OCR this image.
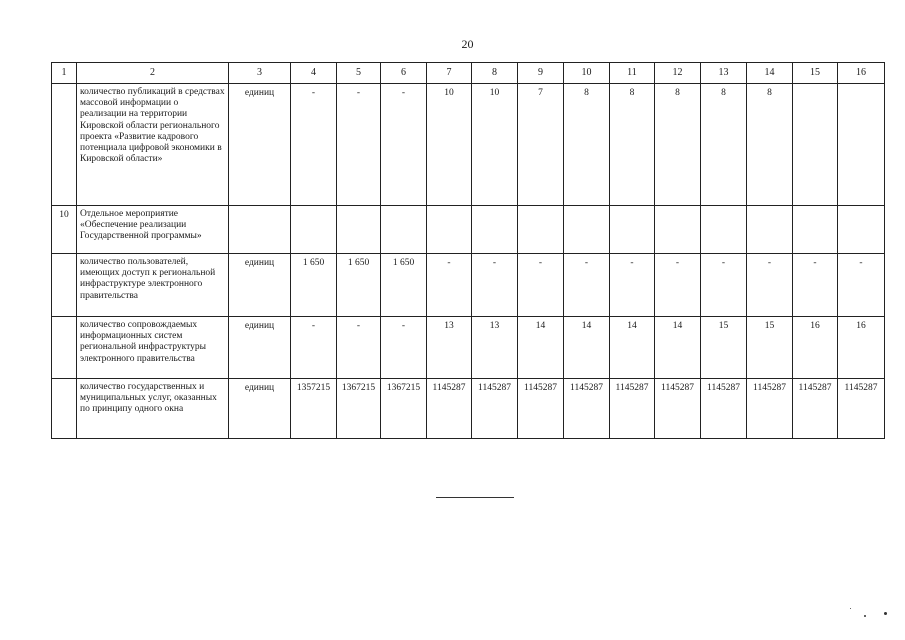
20
1	2	3	4	5	6	7	8	9	10	11	12	13	14	15	16
	количество публикаций в средствах массовой информации о реализации на территории Кировской области регионального проекта «Развитие кадрового потенциала цифровой экономики в Кировской области»	единиц	-	-	-	10	10	7	8	8	8	8	8		
10	Отдельное мероприятие «Обеспечение реализации Государственной программы»														
	количество пользователей, имеющих доступ к региональной инфраструктуре электронного правительства	единиц	1 650	1 650	1 650	-	-	-	-	-	-	-	-	-	-
	количество сопровождаемых информационных систем региональной инфраструктуры электронного правительства	единиц	-	-	-	13	13	14	14	14	14	15	15	16	16
	количество государственных и муниципальных услуг, оказанных по принципу одного окна	единиц	1357215	1367215	1367215	1145287	1145287	1145287	1145287	1145287	1145287	1145287	1145287	1145287	1145287
